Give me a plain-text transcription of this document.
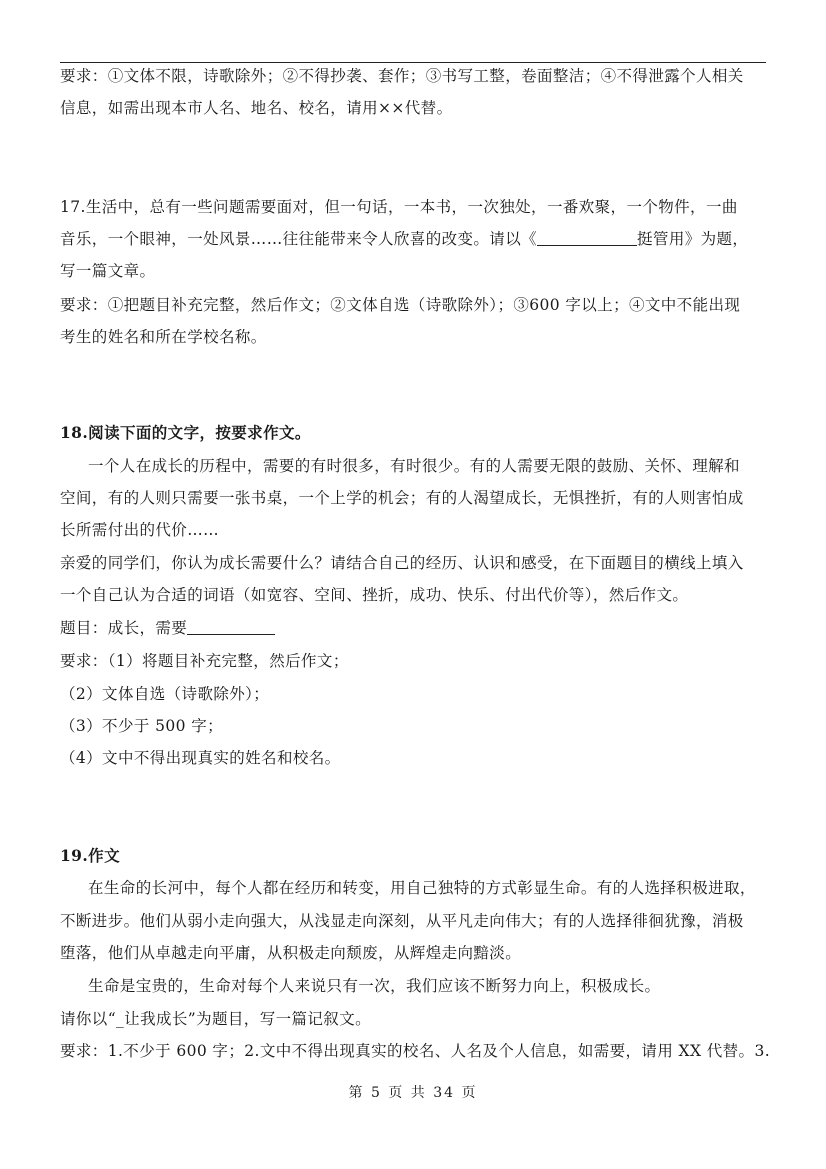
要求：①文体不限，诗歌除外；②不得抄袭、套作；③书写工整，卷面整洁；④不得泄露个人相关
信息，如需出现本市人名、地名、校名，请用××代替。
17.生活中，总有一些问题需要面对，但一句话，一本书，一次独处，一番欢聚，一个物件，一曲
音乐，一个眼神，一处风景……往往能带来令人欣喜的改变。请以《	挺管用》为题，
写一篇文章。
要求：①把题目补充完整，然后作文；②文体自选（诗歌除外）；③600 字以上；④文中不能出现
考生的姓名和所在学校名称。
18.阅读下面的文字，按要求作文。
一个人在成长的历程中，需要的有时很多，有时很少。有的人需要无限的鼓励、关怀、理解和
空间，有的人则只需要一张书桌，一个上学的机会；有的人渴望成长，无惧挫折，有的人则害怕成
长所需付出的代价……
亲爱的同学们，你认为成长需要什么？请结合自己的经历、认识和感受，在下面题目的横线上填入
一个自己认为合适的词语（如宽容、空间、挫折，成功、快乐、付出代价等），然后作文。
题目：成长，需要
要求：（1）将题目补充完整，然后作文；
（2）文体自选（诗歌除外）；
（3）不少于 500 字；
（4）文中不得出现真实的姓名和校名。
19.作文
在生命的长河中，每个人都在经历和转变，用自己独特的方式彰显生命。有的人选择积极进取，
不断进步。他们从弱小走向强大，从浅显走向深刻，从平凡走向伟大；有的人选择徘徊犹豫，消极
堕落，他们从卓越走向平庸，从积极走向颓废，从辉煌走向黯淡。
生命是宝贵的，生命对每个人来说只有一次，我们应该不断努力向上，积极成长。
请你以“_让我成长”为题目，写一篇记叙文。
要求：1.不少于 600 字；2.文中不得出现真实的校名、人名及个人信息，如需要，请用 XX 代替。3.
第 5 页 共 34 页
